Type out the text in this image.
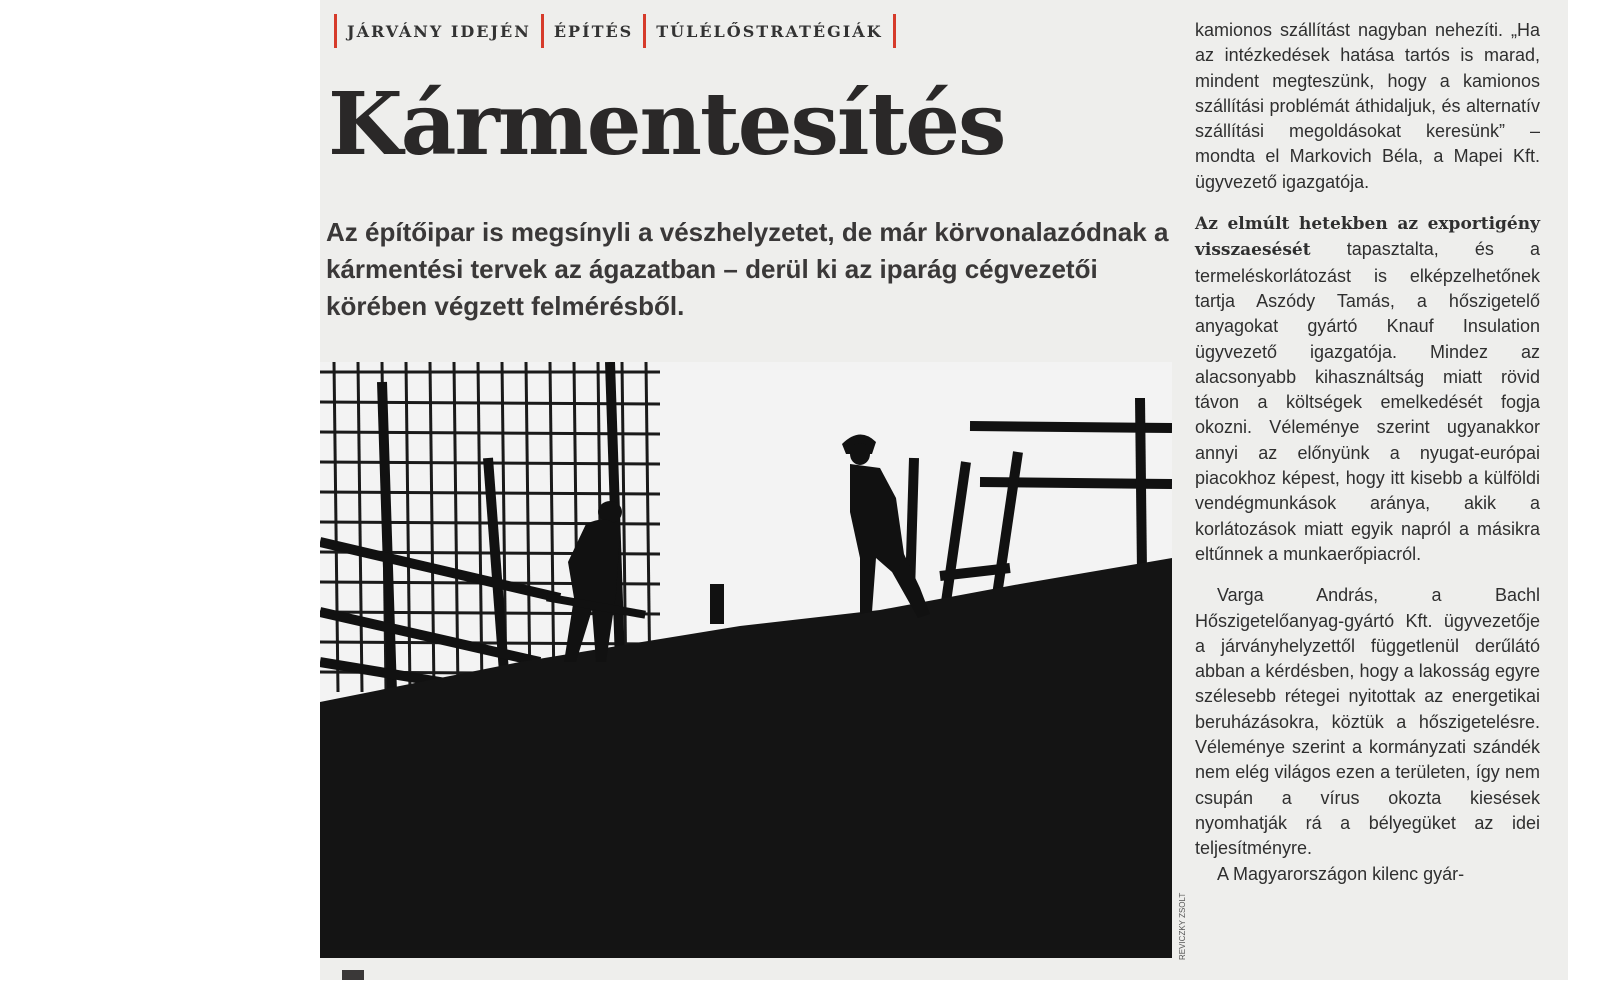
JÁRVÁNY IDEJÉN ÉPÍTÉS TÚLÉLŐSTRATÉGIÁK
Kármentesítés

Az építőipar is megsínyli a vészhelyzetet, de már körvonalazódnak a kármentési tervek az ágazatban – derül ki az iparág cégvezetői körében végzett felmérésből.

REVICZKY ZSOLT

kamionos szállítást nagyban nehezíti. „Ha az intézkedések hatása tartós is marad, mindent megteszünk, hogy a kamionos szállítási problémát áthidaljuk, és alternatív szállítási megoldásokat keresünk” – mondta el Markovich Béla, a Mapei Kft. ügyvezető igazgatója.

Az elmúlt hetekben az exportigény visszaesését tapasztalta, és a termeléskorlátozást is elképzelhetőnek tartja Aszódy Tamás, a hőszigetelő anyagokat gyártó Knauf Insulation ügyvezető igazgatója. Mindez az alacsonyabb kihasználtság miatt rövid távon a költségek emelkedését fogja okozni. Véleménye szerint ugyanakkor annyi az előnyünk a nyugat-európai piacokhoz képest, hogy itt kisebb a külföldi vendégmunkások aránya, akik a korlátozások miatt egyik napról a másikra eltűnnek a munkaerőpiacról.

Varga András, a Bachl Hőszigetelőanyag-gyártó Kft. ügyvezetője a járványhelyzettől függetlenül derűlátó abban a kérdésben, hogy a lakosság egyre szélesebb rétegei nyitottak az energetikai beruházásokra, köztük a hőszigetelésre. Véleménye szerint a kormányzati szándék nem elég világos ezen a területen, így nem csupán a vírus okozta kiesések nyomhatják rá a bélyegüket az idei teljesítményre.

A Magyarországon kilenc gyár-
